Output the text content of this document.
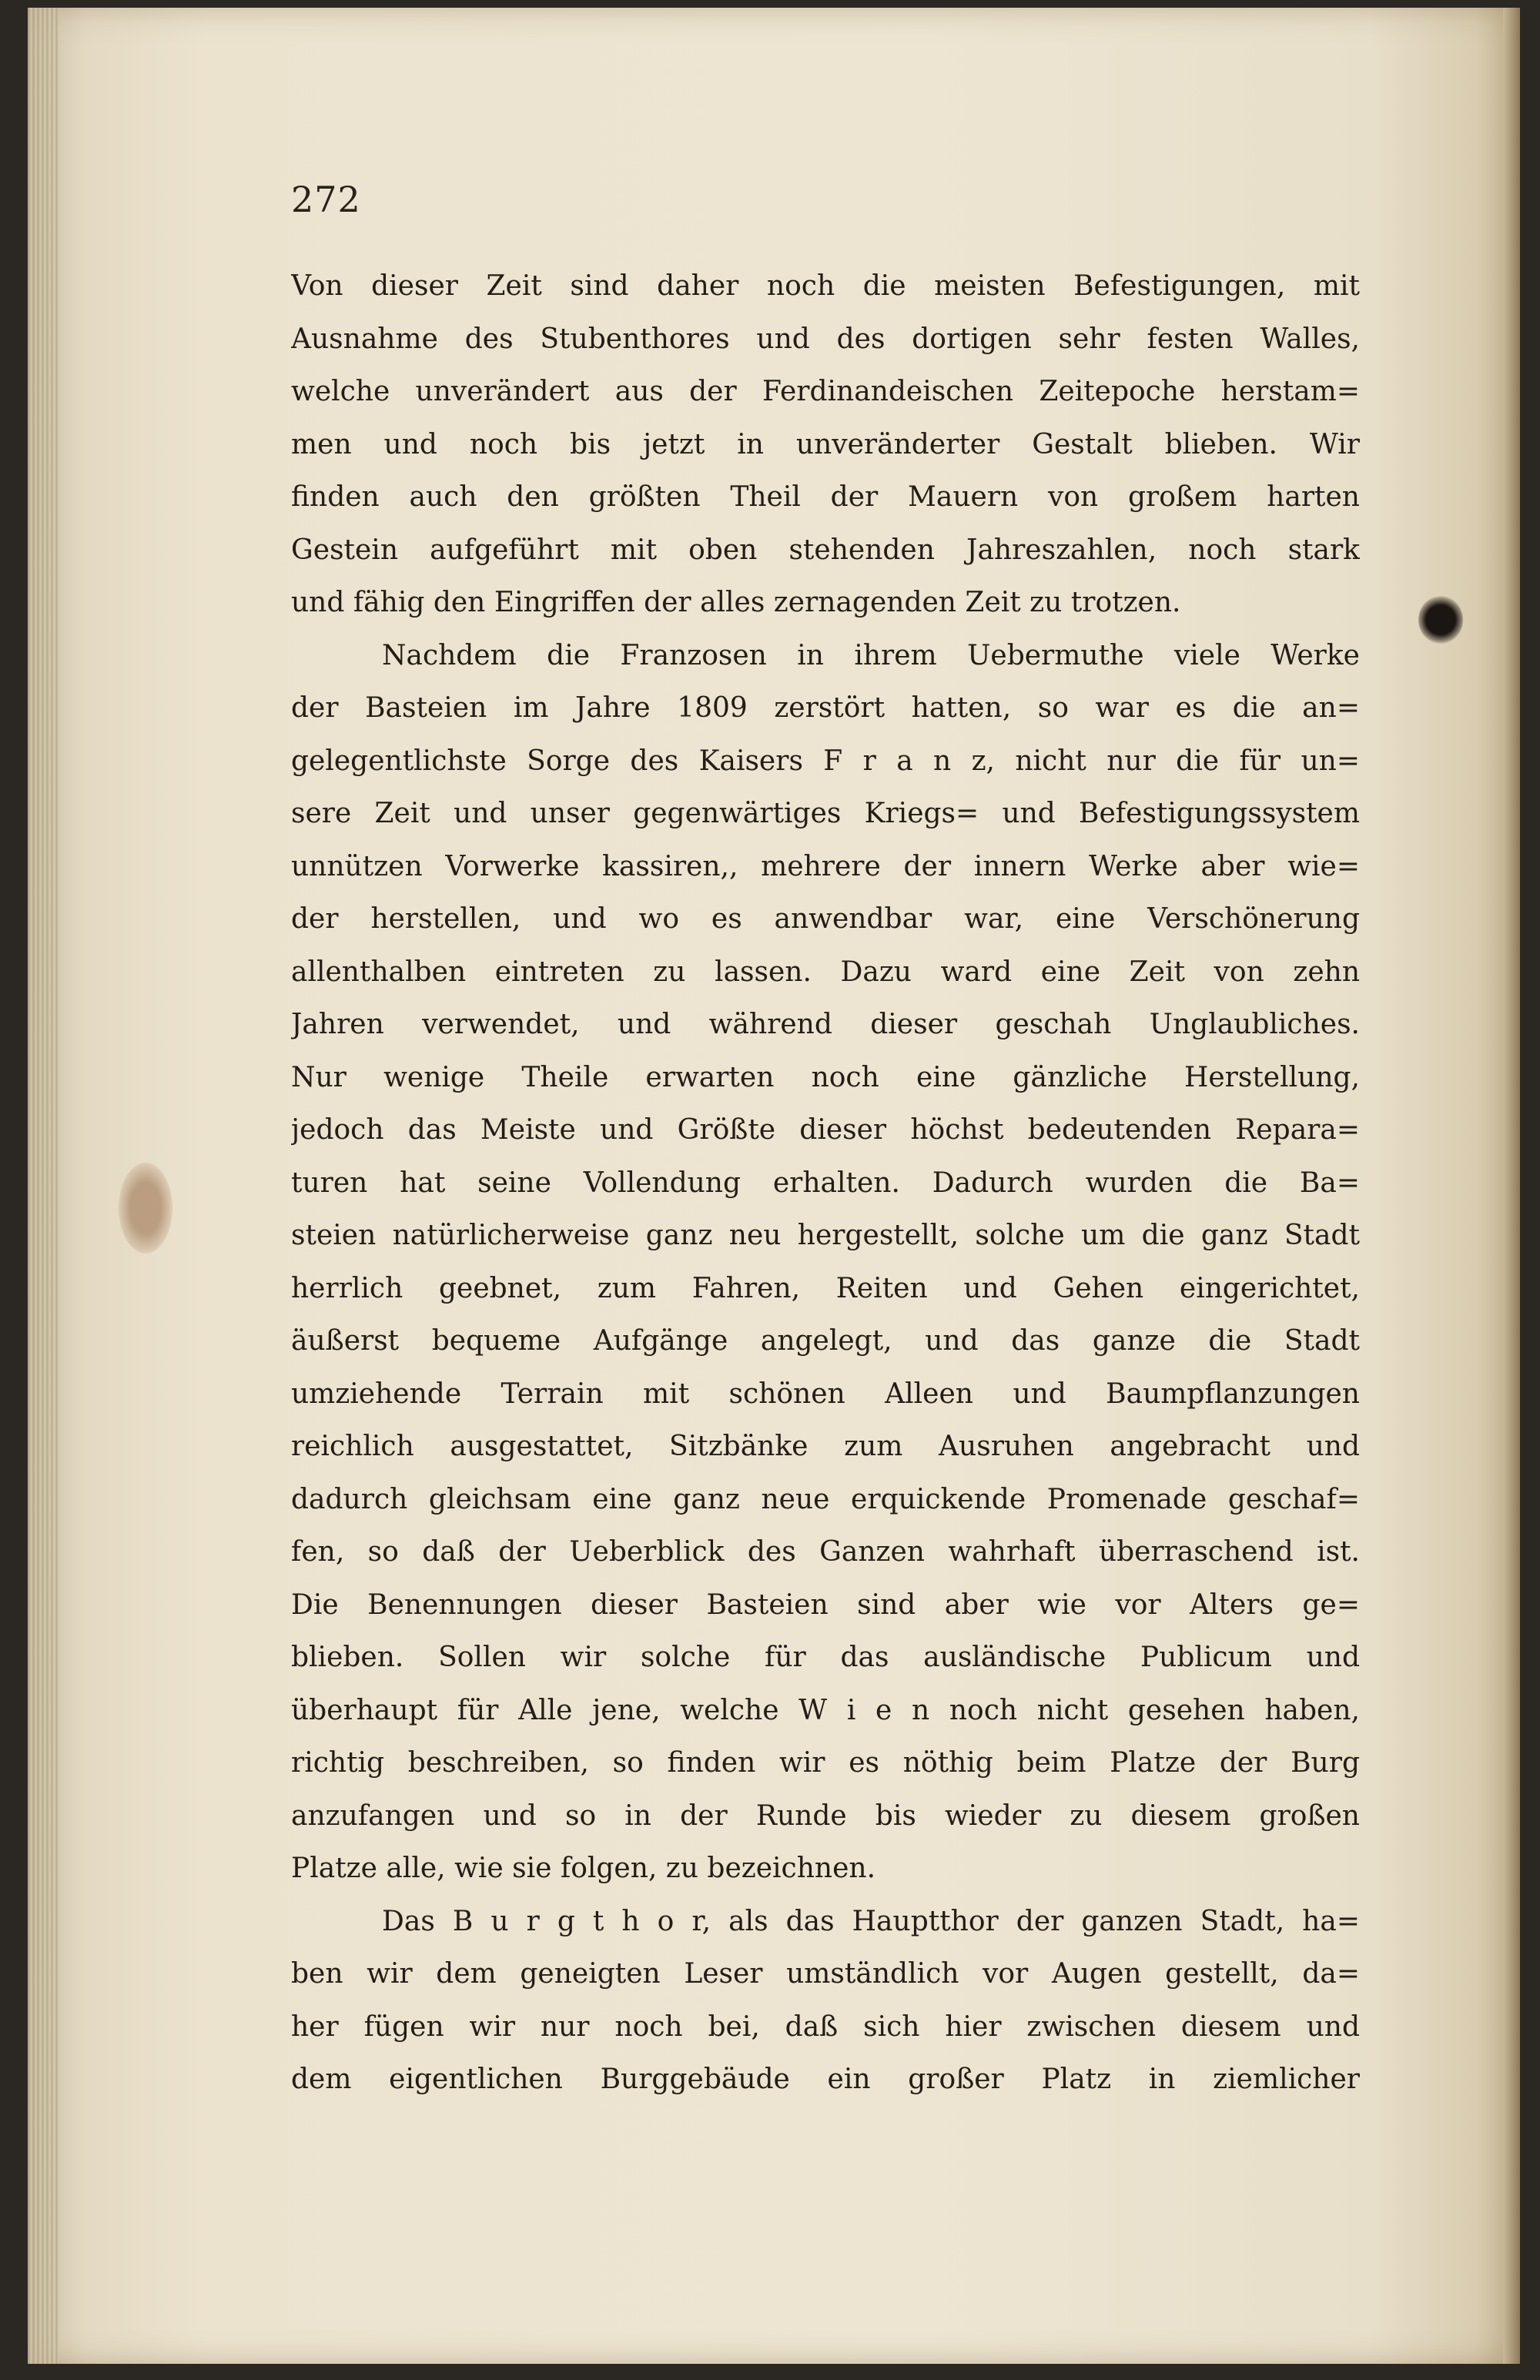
272
Von dieser Zeit sind daher noch die meisten Befestigungen, mit
Ausnahme des Stubenthores und des dortigen sehr festen Walles,
welche unverändert aus der Ferdinandeischen Zeitepoche herstam=
men und noch bis jetzt in unveränderter Gestalt blieben. Wir
finden auch den größten Theil der Mauern von großem harten
Gestein aufgeführt mit oben stehenden Jahreszahlen, noch stark
und fähig den Eingriffen der alles zernagenden Zeit zu trotzen.
Nachdem die Franzosen in ihrem Uebermuthe viele Werke
der Basteien im Jahre 1809 zerstört hatten, so war es die an=
gelegentlichste Sorge des Kaisers F r a n z, nicht nur die für un=
sere Zeit und unser gegenwärtiges Kriegs= und Befestigungssystem
unnützen Vorwerke kassiren,, mehrere der innern Werke aber wie=
der herstellen, und wo es anwendbar war, eine Verschönerung
allenthalben eintreten zu lassen. Dazu ward eine Zeit von zehn
Jahren verwendet, und während dieser geschah Unglaubliches.
Nur wenige Theile erwarten noch eine gänzliche Herstellung,
jedoch das Meiste und Größte dieser höchst bedeutenden Repara=
turen hat seine Vollendung erhalten. Dadurch wurden die Ba=
steien natürlicherweise ganz neu hergestellt, solche um die ganz Stadt
herrlich geebnet, zum Fahren, Reiten und Gehen eingerichtet,
äußerst bequeme Aufgänge angelegt, und das ganze die Stadt
umziehende Terrain mit schönen Alleen und Baumpflanzungen
reichlich ausgestattet, Sitzbänke zum Ausruhen angebracht und
dadurch gleichsam eine ganz neue erquickende Promenade geschaf=
fen, so daß der Ueberblick des Ganzen wahrhaft überraschend ist.
Die Benennungen dieser Basteien sind aber wie vor Alters ge=
blieben. Sollen wir solche für das ausländische Publicum und
überhaupt für Alle jene, welche W i e n noch nicht gesehen haben,
richtig beschreiben, so finden wir es nöthig beim Platze der Burg
anzufangen und so in der Runde bis wieder zu diesem großen
Platze alle, wie sie folgen, zu bezeichnen.
Das B u r g t h o r, als das Hauptthor der ganzen Stadt, ha=
ben wir dem geneigten Leser umständlich vor Augen gestellt, da=
her fügen wir nur noch bei, daß sich hier zwischen diesem und
dem eigentlichen Burggebäude ein großer Platz in ziemlicher
